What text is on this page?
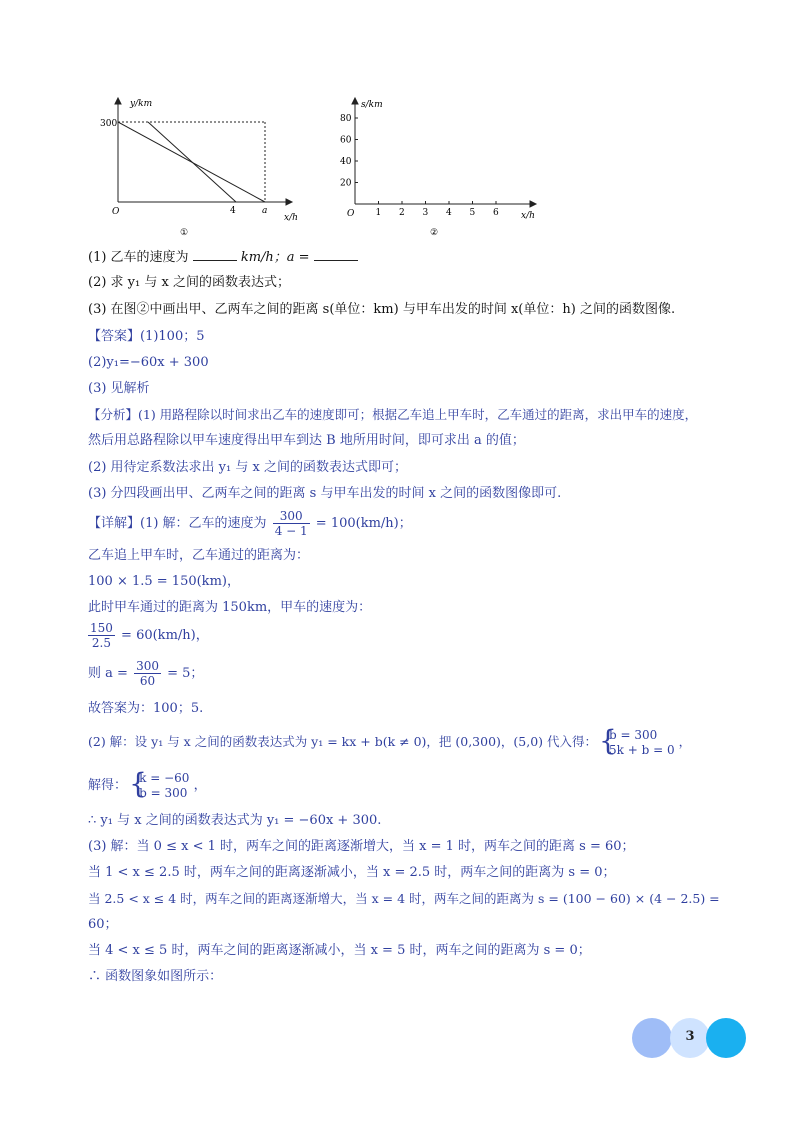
y/km
x/h
O
300
4	a
①
1 2 3 4 5 6
20
40
60
80
s/km
x/h
O
②
(1) 乙车的速度为	km/h；a =
(2) 求 y₁ 与 x 之间的函数表达式；
(3) 在图②中画出甲、乙两车之间的距离 s(单位：km) 与甲车出发的时间 x(单位：h) 之间的函数图像.
【答案】(1)100；5
(2)y₁=−60x + 300
(3) 见解析
【分析】(1) 用路程除以时间求出乙车的速度即可；根据乙车追上甲车时，乙车通过的距离，求出甲车的速度，
然后用总路程除以甲车速度得出甲车到达 B 地所用时间，即可求出 a 的值；
(2) 用待定系数法求出 y₁ 与 x 之间的函数表达式即可；
(3) 分四段画出甲、乙两车之间的距离 s 与甲车出发的时间 x 之间的函数图像即可.
【详解】(1) 解：乙车的速度为 $\frac{300}{4 - 1} = 100(km/h)$；
乙车追上甲车时，乙车通过的距离为：
100 × 1.5 = 150(km)，
此时甲车通过的距离为 150km，甲车的速度为：
$\frac{150}{2.5} = 60(km/h)$，
则 $a = \frac{300}{60} = 5$；
故答案为：100；5.
(2) 解：设 y₁ 与 x 之间的函数表达式为 y₁ = kx + b(k ≠ 0)，把 (0,300)，(5,0) 代入得：
{ b = 300
5k + b = 0
，
解得：
{ k = −60
b = 300 ，
∴ y₁ 与 x 之间的函数表达式为 y₁ = −60x + 300.
(3) 解：当 0 ≤ x < 1 时，两车之间的距离逐渐增大，当 x = 1 时，两车之间的距离 s = 60；
当 1 < x ≤ 2.5 时，两车之间的距离逐渐减小，当 x = 2.5 时，两车之间的距离为 s = 0；
当 2.5 < x ≤ 4 时，两车之间的距离逐渐增大，当 x = 4 时，两车之间的距离为 s = (100 − 60) × (4 − 2.5) =
60；
当 4 < x ≤ 5 时，两车之间的距离逐渐减小，当 x = 5 时，两车之间的距离为 s = 0；
∴ 函数图象如图所示：
3
